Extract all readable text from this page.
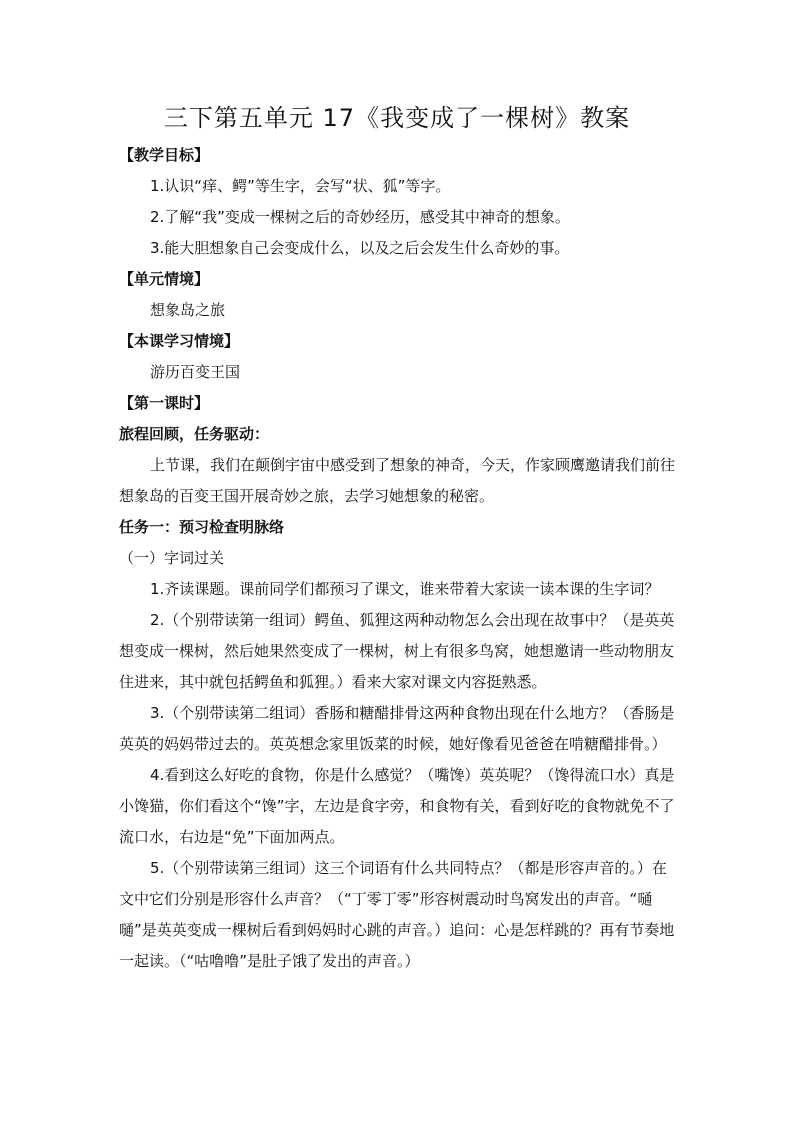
三下第五单元 17《我变成了一棵树》教案

【教学目标】

1.认识“痒、鳄”等生字，会写“状、狐”等字。

2.了解“我”变成一棵树之后的奇妙经历，感受其中神奇的想象。

3.能大胆想象自己会变成什么，以及之后会发生什么奇妙的事。

【单元情境】

想象岛之旅

【本课学习情境】

游历百变王国

【第一课时】

旅程回顾，任务驱动：

上节课，我们在颠倒宇宙中感受到了想象的神奇，今天，作家顾鹰邀请我们前往想象岛的百变王国开展奇妙之旅，去学习她想象的秘密。

任务一：预习检查明脉络

（一）字词过关

1.齐读课题。课前同学们都预习了课文，谁来带着大家读一读本课的生字词？

2.（个别带读第一组词）鳄鱼、狐狸这两种动物怎么会出现在故事中？（是英英想变成一棵树，然后她果然变成了一棵树，树上有很多鸟窝，她想邀请一些动物朋友住进来，其中就包括鳄鱼和狐狸。）看来大家对课文内容挺熟悉。

3.（个别带读第二组词）香肠和糖醋排骨这两种食物出现在什么地方？（香肠是英英的妈妈带过去的。英英想念家里饭菜的时候，她好像看见爸爸在啃糖醋排骨。）

4.看到这么好吃的食物，你是什么感觉？（嘴馋）英英呢？（馋得流口水）真是小馋猫，你们看这个“馋”字，左边是食字旁，和食物有关，看到好吃的食物就免不了流口水，右边是“免”下面加两点。

5.（个别带读第三组词）这三个词语有什么共同特点？（都是形容声音的。）在文中它们分别是形容什么声音？（“丁零丁零”形容树震动时鸟窝发出的声音。“嗵嗵”是英英变成一棵树后看到妈妈时心跳的声音。）追问：心是怎样跳的？再有节奏地一起读。（“咕噜噜”是肚子饿了发出的声音。）
